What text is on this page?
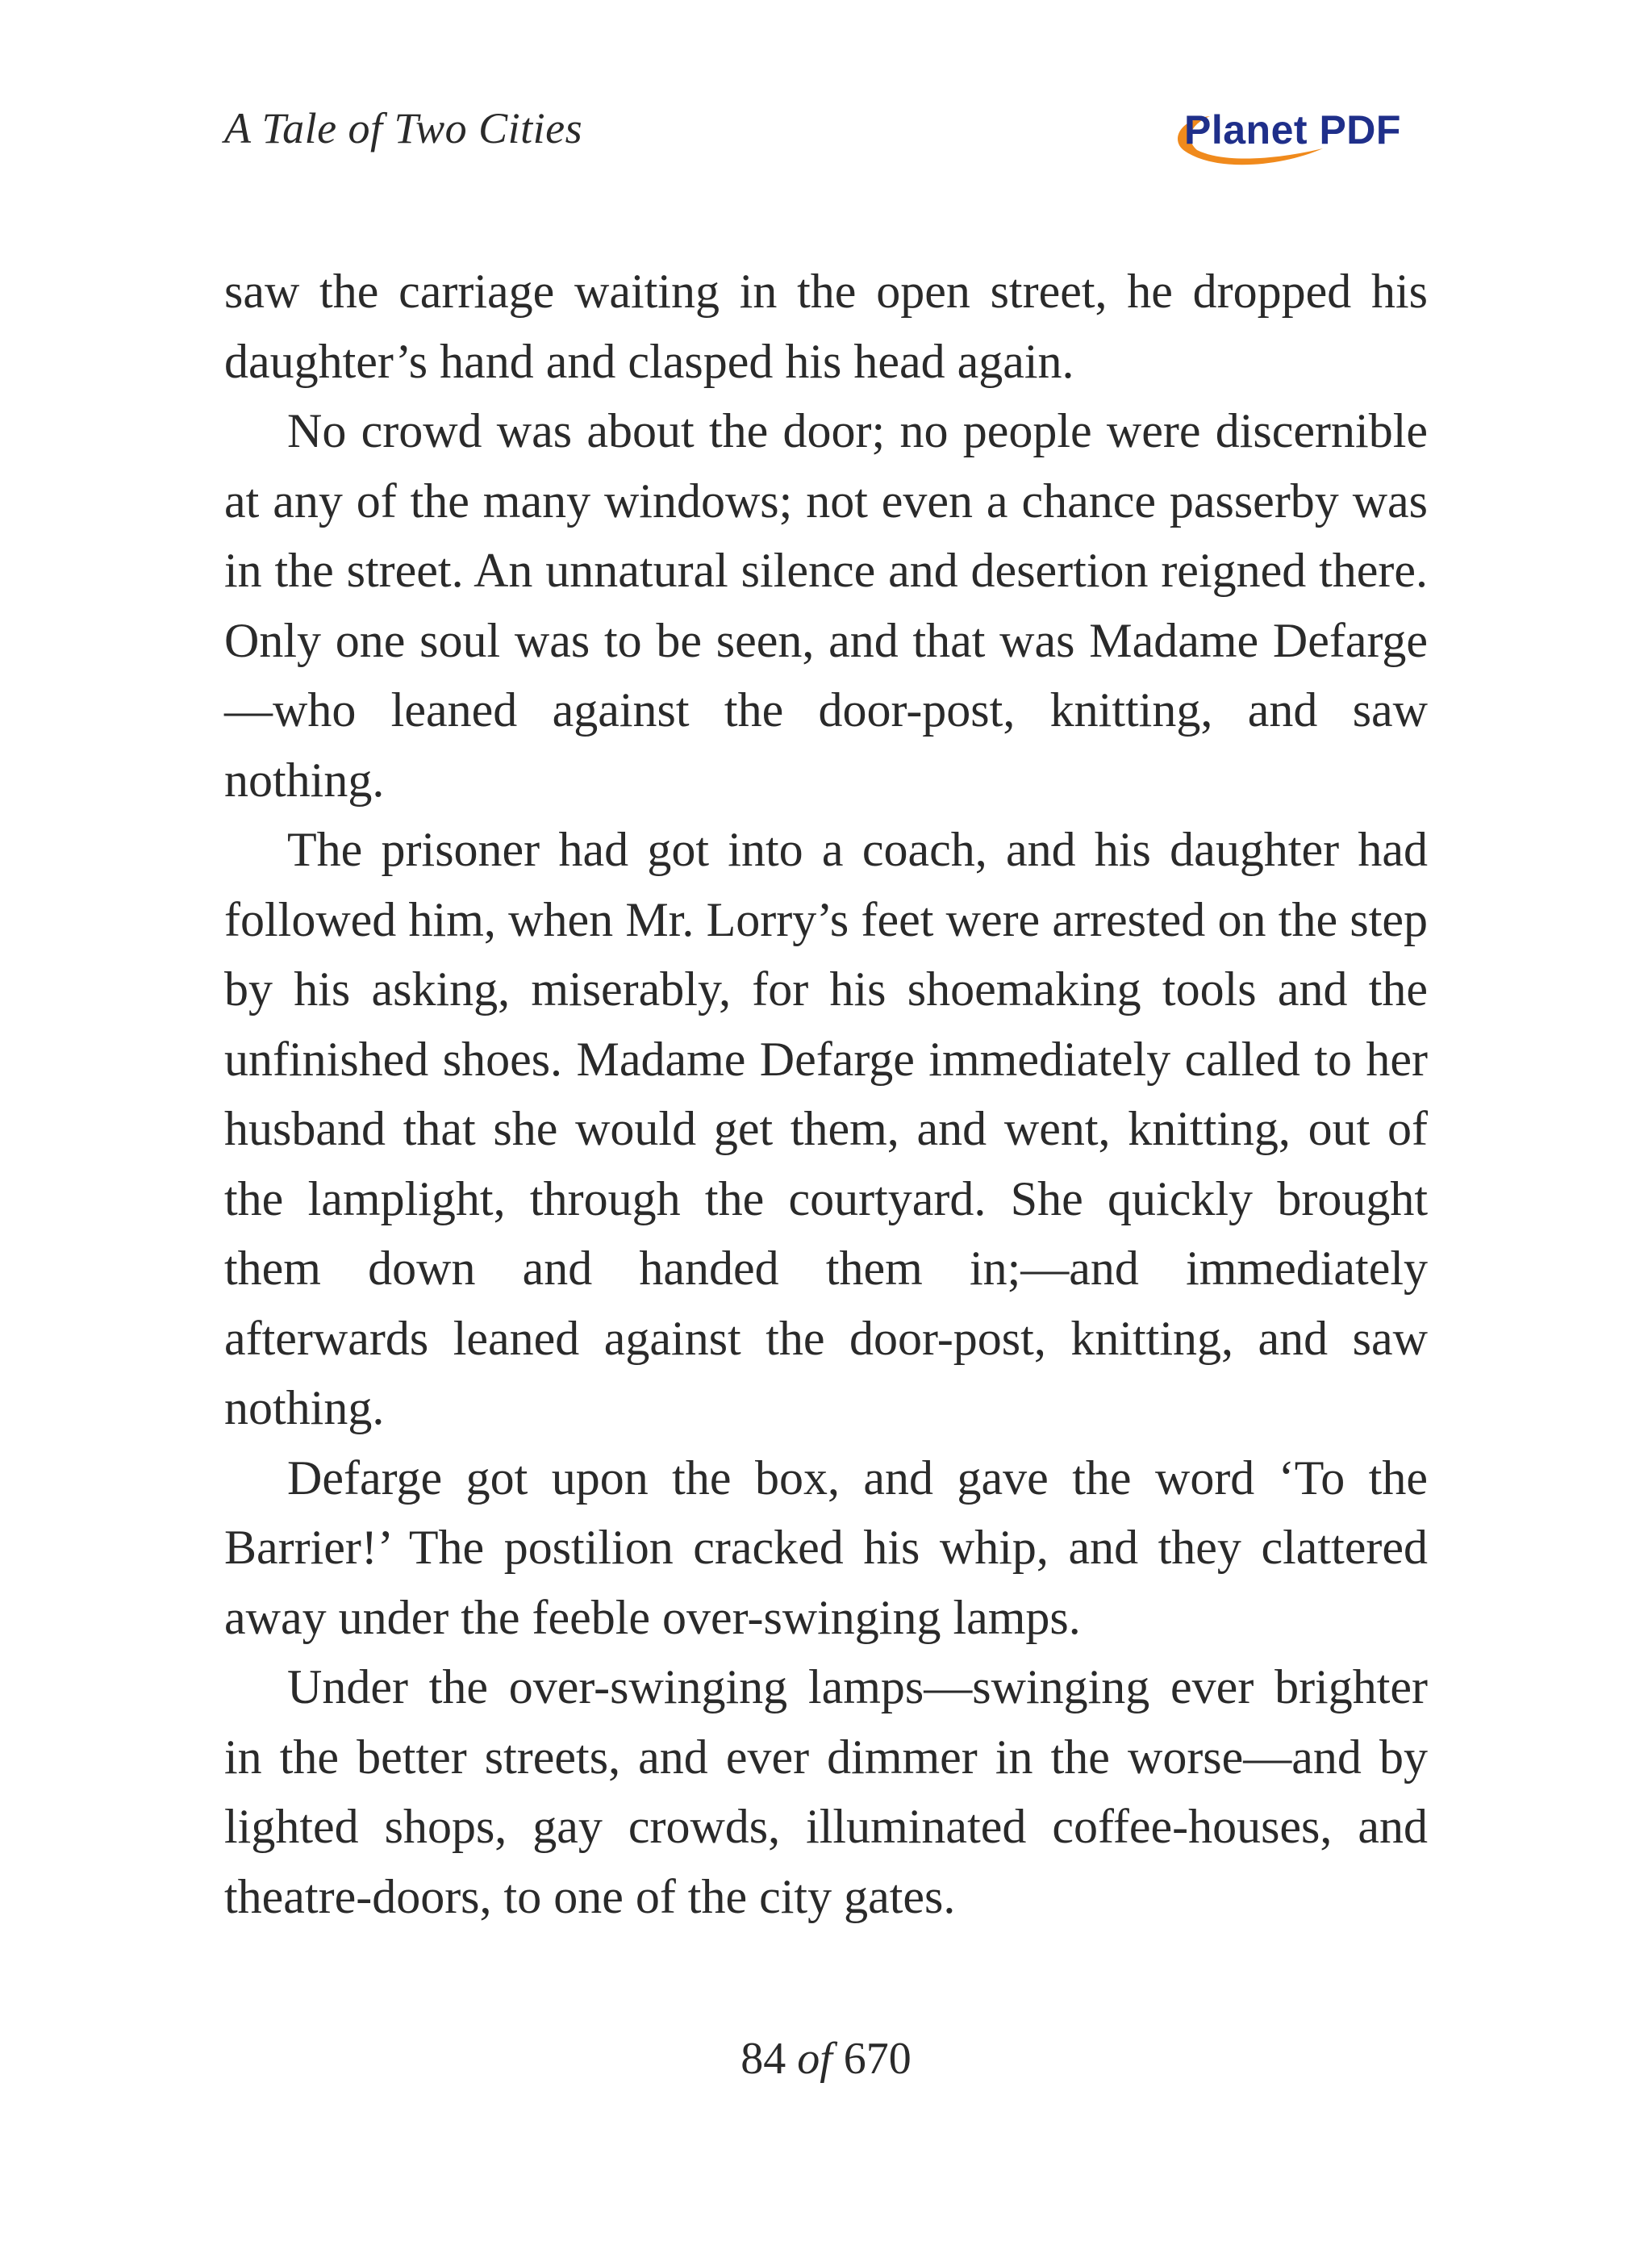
A Tale of Two Cities	Planet PDF

saw the carriage waiting in the open street, he dropped his daughter’s hand and clasped his head again.

No crowd was about the door; no people were discernible at any of the many windows; not even a chance passerby was in the street. An unnatural silence and desertion reigned there. Only one soul was to be seen, and that was Madame Defarge—who leaned against the door-post, knitting, and saw nothing.

The prisoner had got into a coach, and his daughter had followed him, when Mr. Lorry’s feet were arrested on the step by his asking, miserably, for his shoemaking tools and the unfinished shoes. Madame Defarge immediately called to her husband that she would get them, and went, knitting, out of the lamplight, through the courtyard. She quickly brought them down and handed them in;—and immediately afterwards leaned against the door-post, knitting, and saw nothing.

Defarge got upon the box, and gave the word ‘To the Barrier!’ The postilion cracked his whip, and they clattered away under the feeble over-swinging lamps.

Under the over-swinging lamps—swinging ever brighter in the better streets, and ever dimmer in the worse—and by lighted shops, gay crowds, illuminated coffee-houses, and theatre-doors, to one of the city gates.

84 of 670
